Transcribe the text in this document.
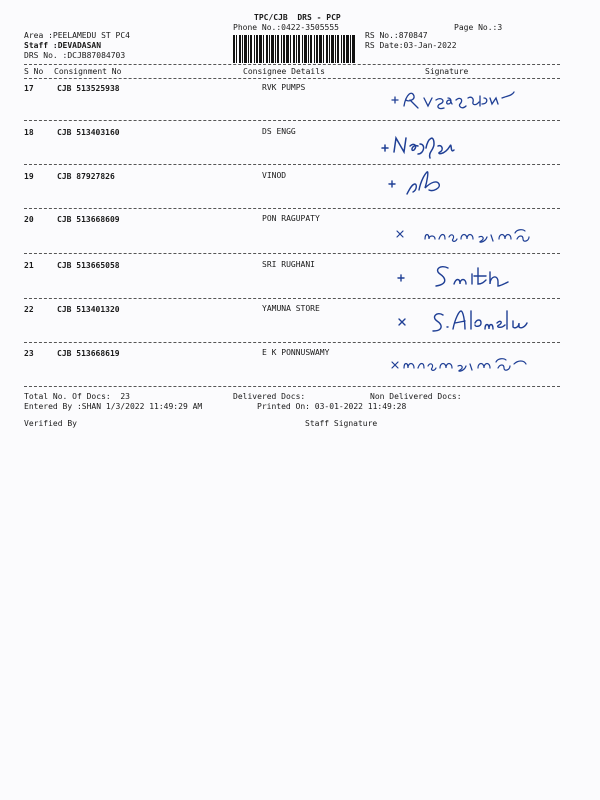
TPC/CJB  DRS - PCP
Phone No.:0422-3505555	Page No.:3
Area :PEELAMEDU ST PC4
Staff :DEVADASAN
DRS No. :DCJB87084703
RS No.:870847
RS Date:03-Jan-2022
S No Consignment No	Consignee Details	Signature
17	CJB 513525938	RVK PUMPS
18	CJB 513403160	DS ENGG
19	CJB 87927826	VINOD
20	CJB 513668609	PON RAGUPATY
21	CJB 513665058	SRI RUGHANI
22	CJB 513401320	YAMUNA STORE
23	CJB 513668619	E K PONNUSWAMY
Total No. Of Docs:  23	Delivered Docs:	Non Delivered Docs:
Entered By :SHAN 1/3/2022 11:49:29 AM	Printed On: 03-01-2022 11:49:28
Verified By	Staff Signature
